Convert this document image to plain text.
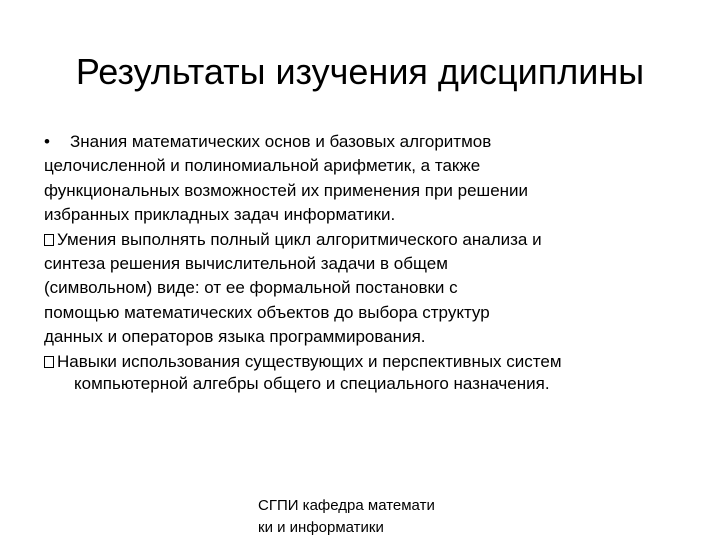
Результаты изучения дисциплины
• Знания математических основ и базовых алгоритмов
целочисленной и полиномиальной арифметик, а также
функциональных возможностей их применения при решении
избранных прикладных задач информатики.
Умения выполнять полный цикл алгоритмического анализа и
синтеза решения вычислительной задачи в общем
(символьном) виде: от ее формальной постановки с
помощью математических объектов до выбора структур
данных и операторов языка программирования.
Навыки использования существующих и перспективных систем
компьютерной алгебры общего и специального назначения.
СГПИ кафедра математи
ки и информатики
